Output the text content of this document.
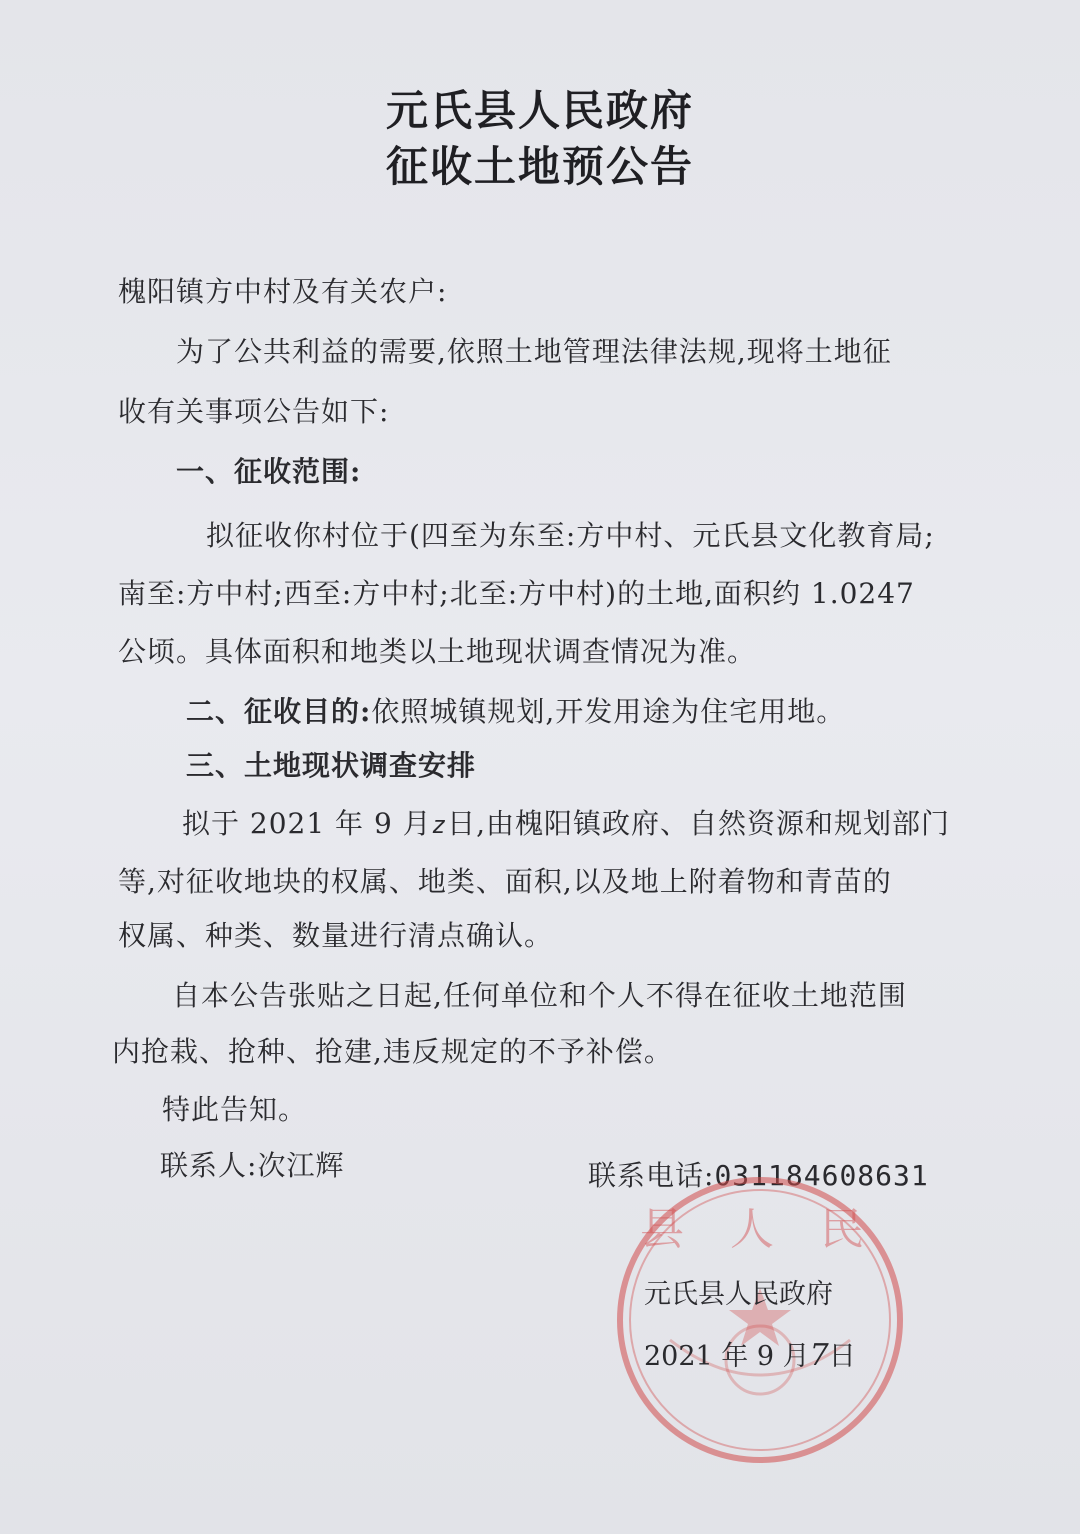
元氏县人民政府
征收土地预公告
槐阳镇方中村及有关农户:
为了公共利益的需要,依照土地管理法律法规,现将土地征
收有关事项公告如下:
一、征收范围:
拟征收你村位于(四至为东至:方中村、元氏县文化教育局;
南至:方中村;西至:方中村;北至:方中村)的土地,面积约 1.0247
公顷。具体面积和地类以土地现状调查情况为准。
二、征收目的:依照城镇规划,开发用途为住宅用地。
三、土地现状调查安排
拟于 2021 年 9 月z日,由槐阳镇政府、自然资源和规划部门
等,对征收地块的权属、地类、面积,以及地上附着物和青苗的
权属、种类、数量进行清点确认。
自本公告张贴之日起,任何单位和个人不得在征收土地范围
内抢栽、抢种、抢建,违反规定的不予补偿。
特此告知。
联系人:次江辉	联系电话:031184608631
县 人 民
元氏县人民政府
2021 年 9 月7日
